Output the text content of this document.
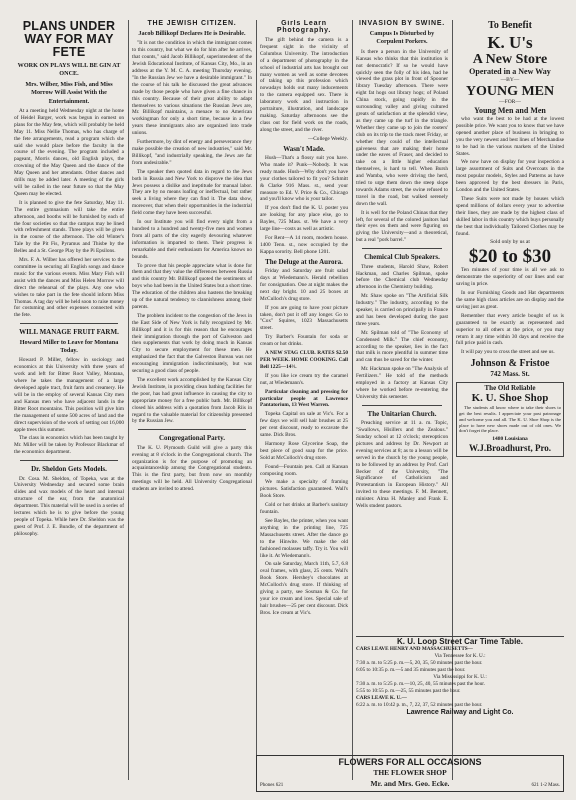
PLANS UNDER WAY FOR MAY FETE
WORK ON PLAYS WILL BE GIN AT ONCE.
Mrs. Wilber, Miss Fish, and Miss Morrow Will Assist With the Entertainment.

At a meeting held Wednesday night at the home of Heidel Barger, work was begun in earnest on plans for the May fete, which will probably be held May 11. Miss Nellie Thomas, who has charge of the fete arrangements, read a program which she said she would place before the faculty in the course of the evening. The program included a pageant, Morris dances, old English plays, the crowning of the May Queen and the dance of the May Queen and her attendants. Other dances and drills may be added later. A meeting of the girls will be called in the near future so that the May Queen may be elected.

It is planned to give the fete Saturday, May 11. The entire gymnasium will take the entire afternoon, and booths will be furnished by each of the four societies so that the campus may be lined with refreshment stands. Three plays will be given in the course of the afternoon. The old Winter's Tale by the Pit Fis, Pyramus and Thisbe by the Belles and a St. George Play by the Pi Epsilons.

Mrs. F. A. Wilber has offered her services to the committee in securing all English songs and dance music for the various events. Miss Mary Fish will assist with the dances and Miss Helen Morrow will direct the rehearsal of the plays. Any one who wishes to take part in the fete should inform Miss Thomas. A tag day will be held soon to raise money for costuming and other expenses connected with the fete.

WILL MANAGE FRUIT FARM.
Howard Miller to Leave for Montana Today.

Howard P. Miller, fellow in sociology and economics at this University with three years of work and left for Bitter Root Valley, Montana, where he takes the management of a large developed apple tract, fruit farm and creamery. He will be in the employ of several Kansas City men and Kansas men who have adjacent lands in the Bitter Root mountains. This position will give him the management of some 500 acres of land and the direct supervision of the work of setting out 16,000 apple trees this summer.

The class in economics which has been taught by Mr. Miller will be taken by Professor Blackmar of the economics department.

Dr. Sheldon Gets Models.

Dr. Cosa. M. Sheldon, of Topeka, was at the University Wednesday and secured some brain slides and wax models of the heart and internal structure of the ear, from the anatomical department. This material will be used in a series of lectures which he is to give before the young people of Topeka. While here Dr. Sheldon was the guest of Prof. J. E. Bundle, of the department of philosophy.

THE JEWISH CITIZEN.
Jacob Billikopf Declares He is Desirable.

"It is not the condition in which the immigrant comes to this country, but what we do for him after he arrives, that counts," said Jacob Billikopf, superintendent of the Jewish Educational Institute, of Kansas City, Mo., in an address at the Y. M. C. A. meeting Thursday evening. "In the Russian Jew we have a desirable immigrant." In the course of his talk he discussed the great advances made by those people who have given a fine chance in this country. Because of their great ability to adapt themselves to various situations the Russian Jews are, Mr. Billikopf maintains, a menace to no American workingman for only a short time, because in a few years these immigrants also are organized into trade unions.

Furthermore, by dint of energy and perseverance they make possible the creation of new industries," said Mr. Billikopf, "and industrially speaking, the Jews are far from undesirable."

The speaker then quoted data in regard to the Jews both in Russia and New York to disprove the idea that Jews possess a dislike and ineptitude for manual labor. They are by no means loafing or ineffectual, but rather seek a living where they can find it. The data show, moreover, that when their opportunities in the industrial field come they have been successful.

In our Institute you will find every night from a hundred to a hundred and twenty-five men and women from all parts of the city eagerly devouring whatever information is imparted to them. Their progress is remarkable and their enthusiasm for America knows no bounds.

To prove that his people appreciate what is done for them and that they value the differences between Russia and this country Mr. Billikopf quoted the sentiments of boys who had been in the United States but a short time. The education of the children also hastens the breaking up of the natural tendency to clannishness among their parents.

The problem incident to the congestion of the Jews in the East Side of New York is fully recognized by Mr. Billikopf and it is for this reason that he encourages their immigration through the port of Galveston and then supplements that work by doing much in Kansas City to secure employment for these men. He emphasized the fact that the Galveston Bureau was not encouraging immigration indiscriminately, but was securing a good class of people.

The excellent work accomplished by the Kansas City Jewish Institute, in providing clean bathing facilities for the poor, has had great influence in causing the city to appropriate money for a free public bath. Mr. Billikopf closed his address with a quotation from Jacob Riis in regard to the valuable material for citizenship presented by the Russian Jew.

Congregational Party.

The K. U. Plymouth Guild will give a party this evening at 8 o'clock in the Congregational church. The organization is for the purpose of promoting an acquaintanceship among the Congregational students. This is the first party, but from now on monthly meetings will be held. All University Congregational students are invited to attend.

Girls Learn Photography.

The gift behind the camera is a frequent sight in the vicinity of Columbus University. The introduction of a department of photography in the school of industrial arts has brought out many women as well as some devotees of taking up this profession which nowadays holds out many inducements to the camera equipped sex. There is laboratory work and instruction in portraiture, illustration, and landscape making. Saturday afternoons see the class out for field work on the roads, along the street, and the river.

—College Weekly.

Wasn't Made.

Hush—That's a flossy suit you have. Who made it? Punk—Nobody. It was ready made. Hush—Why don't you have your clothes tailored to fit you? Schmitt & Clarke 916 Mass. st., send your measure to Ed. V. Price & Co., Chicago and you'll know who is your tailor.

If you don't find the K. U. poster you are looking for any place else, go to Bayles, 725 Mass. st. We have a very large line—costs as well as artistic.

For Rent—A 14 room, modern house. 1400 Tenn. st., now occupied by the Kappa sorority. Bell phone 1201.

The Deluge at the Aurora.

Friday and Saturday are fruit salad days at Wiedemann's. Herald rebellion for consignation. One at night makes the next day bright. 10 and 25 boxes at McCulloch's drug store.

If you are going to have your picture taken, don't put it off any longer. Go to "Cox" Squires, 1023 Massachusetts street.

Try Barber's Fountain for soda or cream or hot drinks.

A NEW STAG CLUB. RATES $2.50 PER WEEK. HOME COOKING. Call Bell 1225—14½.

If you like ice cream try the caramel nut, at Wiedemann's.

Particular cleaning and pressing for particular people at Lawrence Pantatorium, 13 West Warren.

Topeka Capital on sale at Vic's. For a few days we will sell hair brushes at 25 per cent discount, ready to excavate the same. Dick Bros.

Harmony Rose Glycerine Soap, the best piece of good soap for the price. Sold at McColloch's drug store.

Found—Fountain pen. Call at Kansan composing room.

We make a specialty of framing pictures. Satisfaction guaranteed. Wall's Book Store.

Cold or hot drinks at Barber's sanitary fountain.

See Bayles, the printer, when you want anything in the printing line, 725 Massachusetts street. After the dance go to the Hinwite. We make the old fashioned molasses taffy. Try it. You will like it. At Wiedemann's.

On sale Saturday, March 11th, 5.7, 6.8 oval frames, with glass, 25 cents. Wall's Book Store. Hershey's chocolates at McColloch's drug store. If thinking of giving a party, see Sosman & Co. for your ice cream and ices. Special sale of hair brushes—25 per cent discount. Dick Bros. Ice cream at Vic's.

INVASION BY SWINE.
Campus Is Disturbed by Corpulent Porkers.

Is there a person in the University of Kansas who thinks that this institution is not democratic? If so he would have quickly seen the folly of his idea, had he viewed the grass plot in front of Spooner library Tuesday afternoon. There were eight fat hogs out library hogs; of Poland China stock, going rapidly in the surrounding valley and giving cultured greats of satisfaction at the splendid view, as they came up the turf in the triangle. Whether they came up to join the rooters' club on its trip to the track meet Friday, or whether they could of the intellectual gaiveness that are making their home under the eaves of Fraser, and decided to take on a little higher education themselves, is hard to tell. When Bursh and Wamba, who were driving the herd, tried to urge them down the steep slope towards Adams street, the swine refused to travel in the road, but walked serenely down the wall.

It is well for the Poland Chinas that they left, for several of the colored janitors had their eyes on them and were figuring on giving the University—and a theoretical, but a real "pork barrel."

Chemical Club Speakers.

Three students, Harold Shaw, Robert Hackman, and Charles Spilman, spoke before the Chemical club Wednesday afternoon in the Chemistry building.

Mr. Shaw spoke on "The Artificial Silk Industry." The industry, according to the speaker, is carried on principally in France and has been developed during the past three years.

Mr. Spilman told of "The Economy of Condensed Milk." The chief economy, according to the speaker, lies in the fact that milk is more plentiful in summer time and can thus be saved for the winter.

Mr. Hackman spoke on "The Analysis of Fertilizers." He told of the methods employed in a factory at Kansas City where he worked before re-entering the University this semester.

The Unitarian Church.

Preaching service at 11 a. m. Topic, "Swallows, Hisillers and the Zealous." Sunday school at 12 o'clock; stereopticon pictures and address by Dr. Newport at evening services at 8; as to a lesson will be served in the church by the young people, to be followed by an address by Prof. Carl Becker of the University, "The Significance of Catholicism and Protestantism in European History." All invited to these meetings. F. M. Bennett, minister. Alma H. Manley and Frank E. Wells student pastors.

To Benefit
K. U's
A New Store
Operated in a New Way
—BY—
YOUNG MEN
—FOR—
Young Men and Men

who want the best to be had at the lowest possible price. We want you to know that we have opened another place of business in bringing to you the very newest and best lines of Merchandise to be had in the various markets of the United States.

We now have on display for your inspection a large assortment of Suits and Overcoats in the most popular models, Styles and Patterns as have been approved by the best dressers in Paris, London and the United States.

These Suits were not made by houses which spend millions of dollars every year to advertise their lines, they are made by the highest class of skilled labor in this country which buys personally the best that individually Tailored Clothes may be found.

Sold only by us at
$20 to $30

Ten minutes of your time is all we ask to demonstrate the superiority of our lines and our saving in price.

In our Furnishing Goods and Hat departments the same high class articles are on display and the saving just as great.

Remember that every article bought of us is guaranteed to be exactly as represented and superior to all others at the price, or you may return it any time within 30 days and receive the full price paid in cash.

It will pay you to cross the street and see us.

Johnson & Fristoe
742 Mass. St.
The Old Reliable
K. U. Shoe Shop

The students all know where to take their shoes to get the best results. I appreciate your past patronage and welcome you and all. The K. U. Shoe Shop is the place to have new shoes made out of old ones. We don't forget the place.

1480 Louisiana
W.J.Broadhurst, Pro.
K. U. Loop Street Car Time Table.

CARS LEAVE HENRY AND MASSACHUSETTS—

Via Tennessee for K. U.:

7:30 a. m. to 5:25 p. m.—5, 20, 35, 50 minutes past the hour.

6:05 to 10:35 p. m.—5 and 35 minutes past the hour.

Via Mississippi for K. U.:

7:30 a. m. to 5:25 p. m.—10, 25, 40, 55 minutes past the hour.

5:55 to 10:55 p. m.—25, 55 minutes past the hour.

CARS LEAVE K. U.—

6:22 a. m. to 10:42 p. m., 7, 22, 37, 52 minutes past the hour.

Lawrence Railway and Light Co.
FLOWERS FOR ALL OCCASIONS
THE FLOWER SHOP
Phones 621	Mr. and Mrs. Geo. Ecke.	621 1-2 Mass.
